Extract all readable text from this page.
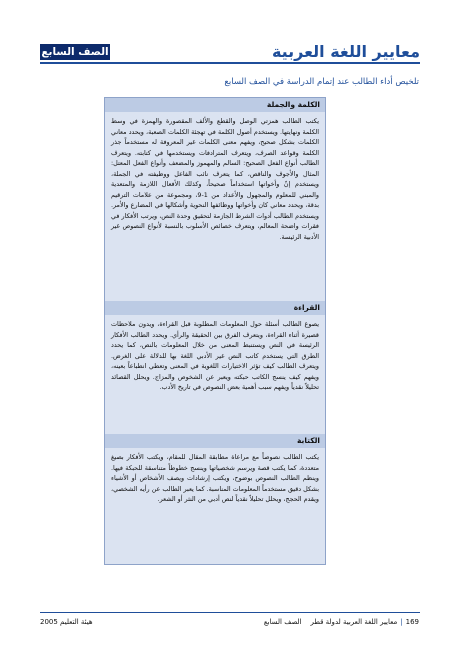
معايير اللغة العربية
الصف السابع
تلخيص أداء الطالب عند إتمام الدراسة في الصف السابع
الكلمة والجملة
يكتب الطالب همزتي الوصل والقطع والألف المقصورة والهمزة في وسط الكلمة ونهايتها. ويستخدم أصول الكلمة في تهجئة الكلمات الصعبة، ويحدد معاني الكلمات بشكل صحيح، ويفهم معنى الكلمات غير المعروفة له مستخدماً جذر الكلمة وقواعد الصرف، ويتعرف المترادفات ويستخدمها في كتابته. ويتعرف الطالب أنواع الفعل الصحيح: السالم والمهموز والمضعف وأنواع الفعل المعتل: المثال والأجوف والناقص، كما يتعرف نائب الفاعل ووظيفته في الجملة، ويستخدم إنّ وأخواتها استخداماً صحيحاً، وكذلك الأفعال اللازمة والمتعدية والمبني للمعلوم والمجهول والأعداد من 1-9، ومجموعة من علامات الترقيم بدقة، ويحدد معاني كان وأخواتها ووظائفها النحوية وأشكالها في المضارع والأمر. ويستخدم الطالب أدوات الشرط الجازمة لتحقيق وحدة النص، ويرتب الأفكار في فقرات واضحة المعالم، ويتعرف خصائص الأسلوب بالنسبة لأنواع النصوص غير الأدبية الرئيسة.
القراءة
يصوغ الطالب أسئلة حول المعلومات المطلوبة قبل القراءة، ويدون ملاحظات قصيرة أثناء القراءة، ويتعرف الفرق بين الحقيقة والرأي. ويحدد الطالب الأفكار الرئيسة في النص ويستنبط المعنى من خلال المعلومات بالنص، كما يحدد الطرق التي يستخدم كاتب النص غير الأدبي اللغة بها للدلالة على الغرض. ويتعرف الطالب كيف تؤثر الاختيارات اللغوية في المعنى وتعطي انطباعاً بعينه، ويفهم كيف ينسج الكاتب حبكته ويعبر عن الشخوص والمزاج. ويحلل القصائد تحليلاً نقدياً ويفهم سبب أهمية بعض النصوص في تاريخ الأدب.
الكتابة
يكتب الطالب نصوصاً مع مراعاة مطابقة المقال للمقام، ويكتب الأفكار بصيغ متعددة، كما يكتب قصة ويرسم شخصياتها وينسج خطوطاً متناسقة للحبكة فيها. وينظم الطالب النصوص بوضوح، ويكتب إرشادات ويصف الأشخاص أو الأشياء بشكل دقيق مستخدماً المعلومات المناسبة. كما يعبر الطالب عن رأيه الشخصي، ويقدم الحجج، ويحلل تحليلاً نقدياً لنص أدبي من النثر أو الشعر.
169|معايير اللغة العربية لدولة قطر    الصف السابع
هيئة التعليم 2005
